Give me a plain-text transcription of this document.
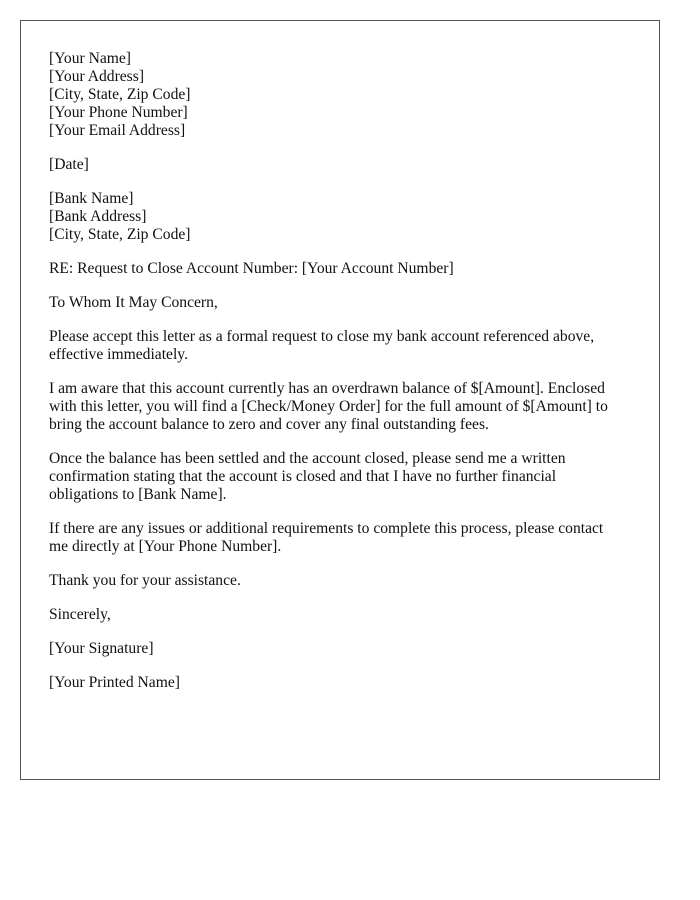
[Your Name]
[Your Address]
[City, State, Zip Code]
[Your Phone Number]
[Your Email Address]
[Date]
[Bank Name]
[Bank Address]
[City, State, Zip Code]
RE: Request to Close Account Number: [Your Account Number]
To Whom It May Concern,
Please accept this letter as a formal request to close my bank account referenced above,
effective immediately.
I am aware that this account currently has an overdrawn balance of $[Amount]. Enclosed
with this letter, you will find a [Check/Money Order] for the full amount of $[Amount] to
bring the account balance to zero and cover any final outstanding fees.
Once the balance has been settled and the account closed, please send me a written
confirmation stating that the account is closed and that I have no further financial
obligations to [Bank Name].
If there are any issues or additional requirements to complete this process, please contact
me directly at [Your Phone Number].
Thank you for your assistance.
Sincerely,
[Your Signature]
[Your Printed Name]
